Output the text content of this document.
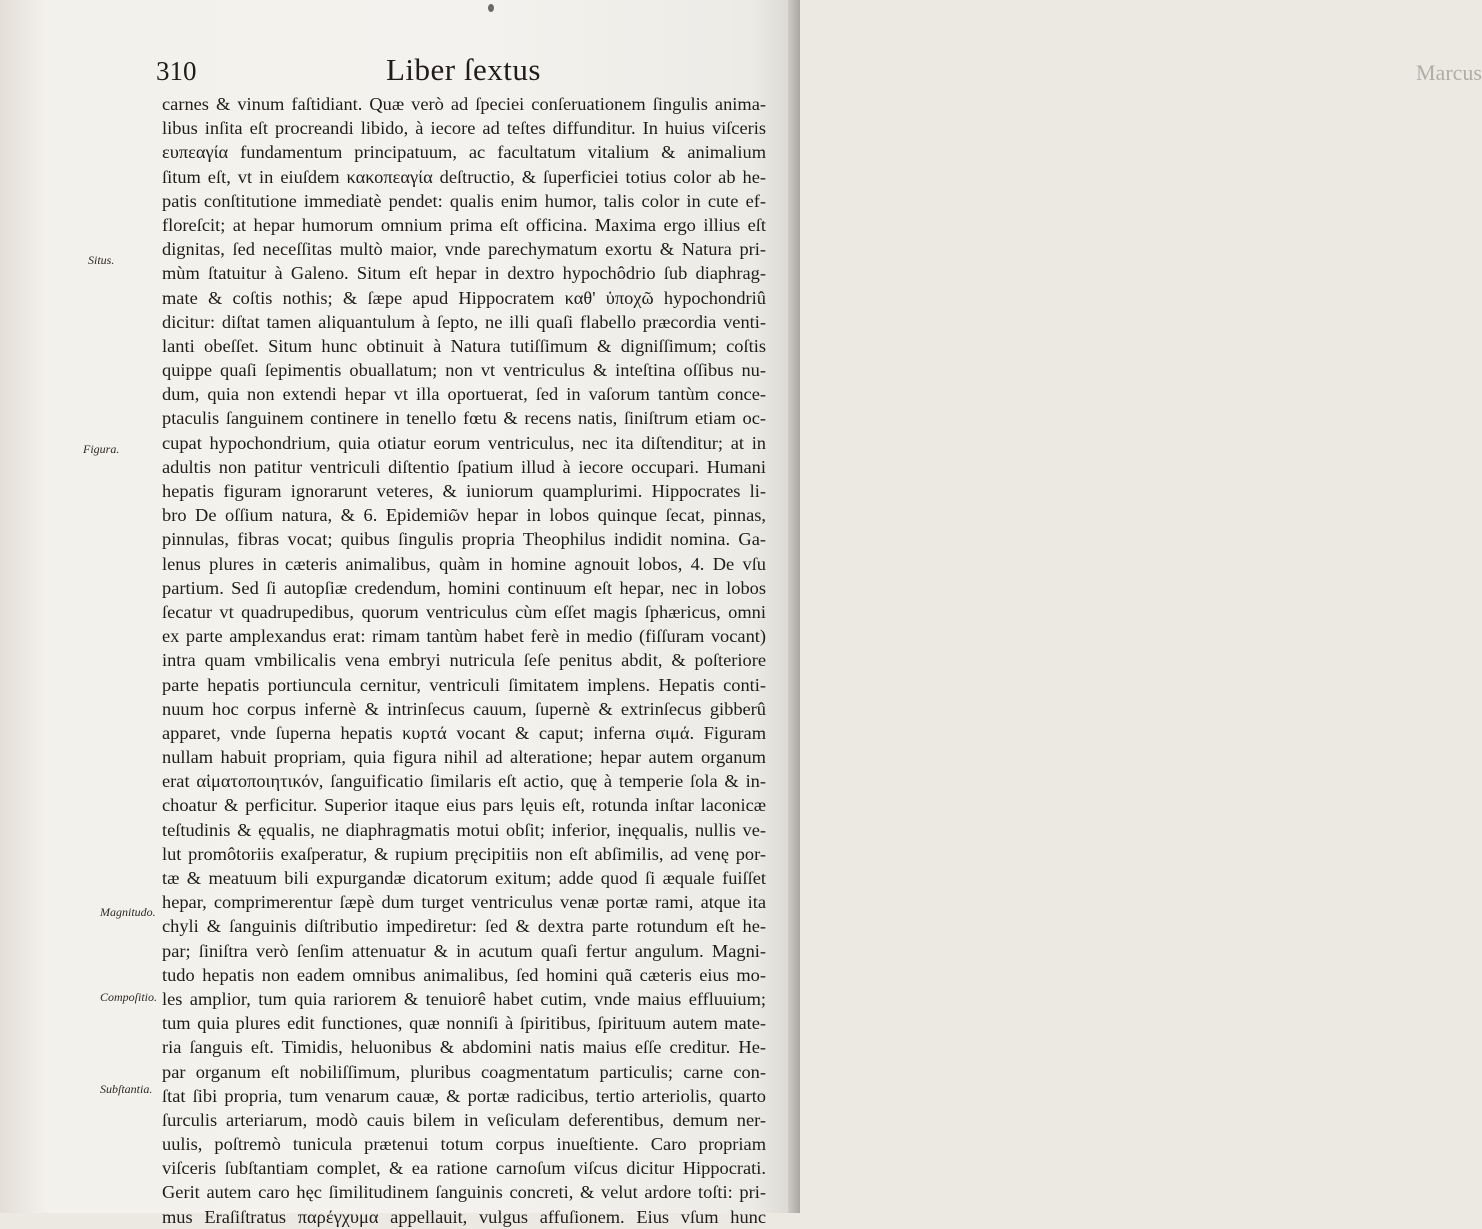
Marcus
310	Liber ſextus
Situs.
Figura.
Magnitudo.
Compoſitio.
Subſtantia.
carnes & vinum faſtidiant. Quæ verò ad ſpeciei conſeruationem ſingulis anima-
libus inſita eſt procreandi libido, à iecore ad teſtes diffunditur. In huius viſceris
ευπεαγία fundamentum principatuum, ac facultatum vitalium & animalium
ſitum eſt, vt in eiuſdem κακοπεαγία deſtructio, & ſuperficiei totius color ab he-
patis conſtitutione immediatè pendet: qualis enim humor, talis color in cute ef-
floreſcit; at hepar humorum omnium prima eſt officina. Maxima ergo illius eſt
dignitas, ſed neceſſitas multò maior, vnde parechymatum exortu & Natura pri-
mùm ſtatuitur à Galeno. Situm eſt hepar in dextro hypochôdrio ſub diaphrag-
mate & coſtis nothis; & ſæpe apud Hippocratem καθ' ὑποχῶ hypochondriû
dicitur: diſtat tamen aliquantulum à ſepto, ne illi quaſi flabello præcordia venti-
lanti obeſſet. Situm hunc obtinuit à Natura tutiſſimum & digniſſimum; coſtis
quippe quaſi ſepimentis obuallatum; non vt ventriculus & inteſtina oſſibus nu-
dum, quia non extendi hepar vt illa oportuerat, ſed in vaſorum tantùm conce-
ptaculis ſanguinem continere in tenello fœtu & recens natis, ſiniſtrum etiam oc-
cupat hypochondrium, quia otiatur eorum ventriculus, nec ita diſtenditur; at in
adultis non patitur ventriculi diſtentio ſpatium illud à iecore occupari. Humani
hepatis figuram ignorarunt veteres, & iuniorum quamplurimi. Hippocrates li-
bro De oſſium natura, & 6. Epidemiῶν hepar in lobos quinque ſecat, pinnas,
pinnulas, fibras vocat; quibus ſingulis propria Theophilus indidit nomina. Ga-
lenus plures in cæteris animalibus, quàm in homine agnouit lobos, 4. De vſu
partium. Sed ſi autopſiæ credendum, homini continuum eſt hepar, nec in lobos
ſecatur vt quadrupedibus, quorum ventriculus cùm eſſet magis ſphæricus, omni
ex parte amplexandus erat: rimam tantùm habet ferè in medio (fiſſuram vocant)
intra quam vmbilicalis vena embryi nutricula ſeſe penitus abdit, & poſteriore
parte hepatis portiuncula cernitur, ventriculi ſimitatem implens. Hepatis conti-
nuum hoc corpus infernè & intrinſecus cauum, ſupernè & extrinſecus gibberû
apparet, vnde ſuperna hepatis κυρτά vocant & caput; inferna σιμά. Figuram
nullam habuit propriam, quia figura nihil ad alteratione; hepar autem organum
erat αἱματοποιητικόν, ſanguificatio ſimilaris eſt actio, quę à temperie ſola & in-
choatur & perficitur. Superior itaque eius pars lęuis eſt, rotunda inſtar laconicæ
teſtudinis & ęqualis, ne diaphragmatis motui obſit; inferior, inęqualis, nullis ve-
lut promôtoriis exaſperatur, & rupium pręcipitiis non eſt abſimilis, ad venę por-
tæ & meatuum bili expurgandæ dicatorum exitum; adde quod ſi æquale fuiſſet
hepar, comprimerentur ſæpè dum turget ventriculus venæ portæ rami, atque ita
chyli & ſanguinis diſtributio impediretur: ſed & dextra parte rotundum eſt he-
par; ſiniſtra verò ſenſim attenuatur & in acutum quaſi fertur angulum. Magni-
tudo hepatis non eadem omnibus animalibus, ſed homini quã cæteris eius mo-
les amplior, tum quia rariorem & tenuiorê habet cutim, vnde maius effluuium;
tum quia plures edit functiones, quæ nonniſi à ſpiritibus, ſpirituum autem mate-
ria ſanguis eſt. Timidis, heluonibus & abdomini natis maius eſſe creditur. He-
par organum eſt nobiliſſimum, pluribus coagmentatum particulis; carne con-
ſtat ſibi propria, tum venarum cauæ, & portæ radicibus, tertio arteriolis, quarto
ſurculis arteriarum, modò cauis bilem in veſiculam deferentibus, demum ner-
uulis, poſtremò tunicula prætenui totum corpus inueſtiente. Caro propriam
viſceris ſubſtantiam complet, & ea ratione carnoſum viſcus dicitur Hippocrati.
Gerit autem caro hęc ſimilitudinem ſanguinis concreti, & velut ardore toſti: pri-
mus Eraſiſtratus παρέγχυμα appellauit, vulgus affuſionem. Eius vſum hunc
